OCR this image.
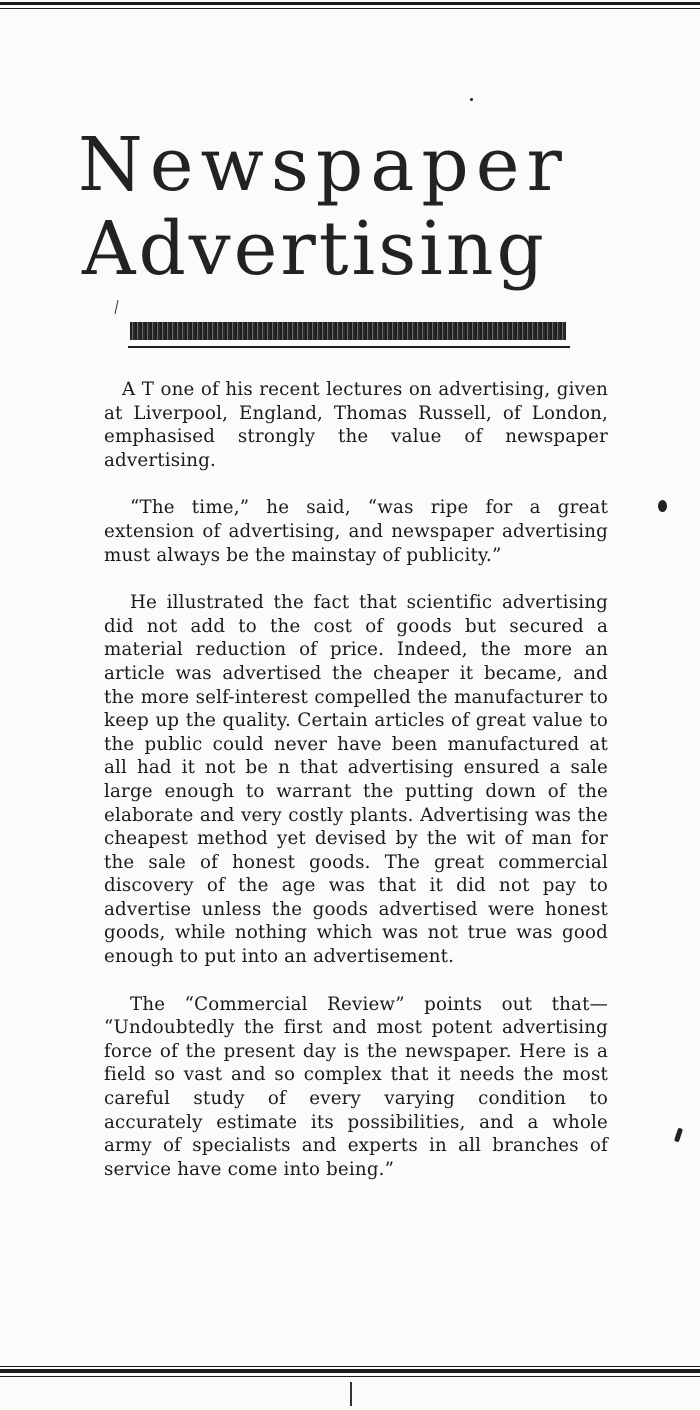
Newspaper
Advertising

A T one of his recent lectures on advertising, given at Liverpool, England, Thomas Russell, of London, emphasised strongly the value of newspaper advertising.

“The time,” he said, “was ripe for a great extension of advertising, and newspaper advertising must always be the mainstay of publicity.”

He illustrated the fact that scientific advertising did not add to the cost of goods but secured a material reduction of price. Indeed, the more an article was advertised the cheaper it became, and the more self-interest compelled the manufacturer to keep up the quality. Certain articles of great value to the public could never have been manufactured at all had it not be n that advertising ensured a sale large enough to warrant the putting down of the elaborate and very costly plants. Advertising was the cheapest method yet devised by the wit of man for the sale of honest goods. The great commercial discovery of the age was that it did not pay to advertise unless the goods advertised were honest goods, while nothing which was not true was good enough to put into an advertisement.

The “Commercial Review” points out that— “Undoubtedly the first and most potent advertising force of the present day is the newspaper. Here is a field so vast and so complex that it needs the most careful study of every varying condition to accurately estimate its possibilities, and a whole army of specialists and experts in all branches of service have come into being.”
